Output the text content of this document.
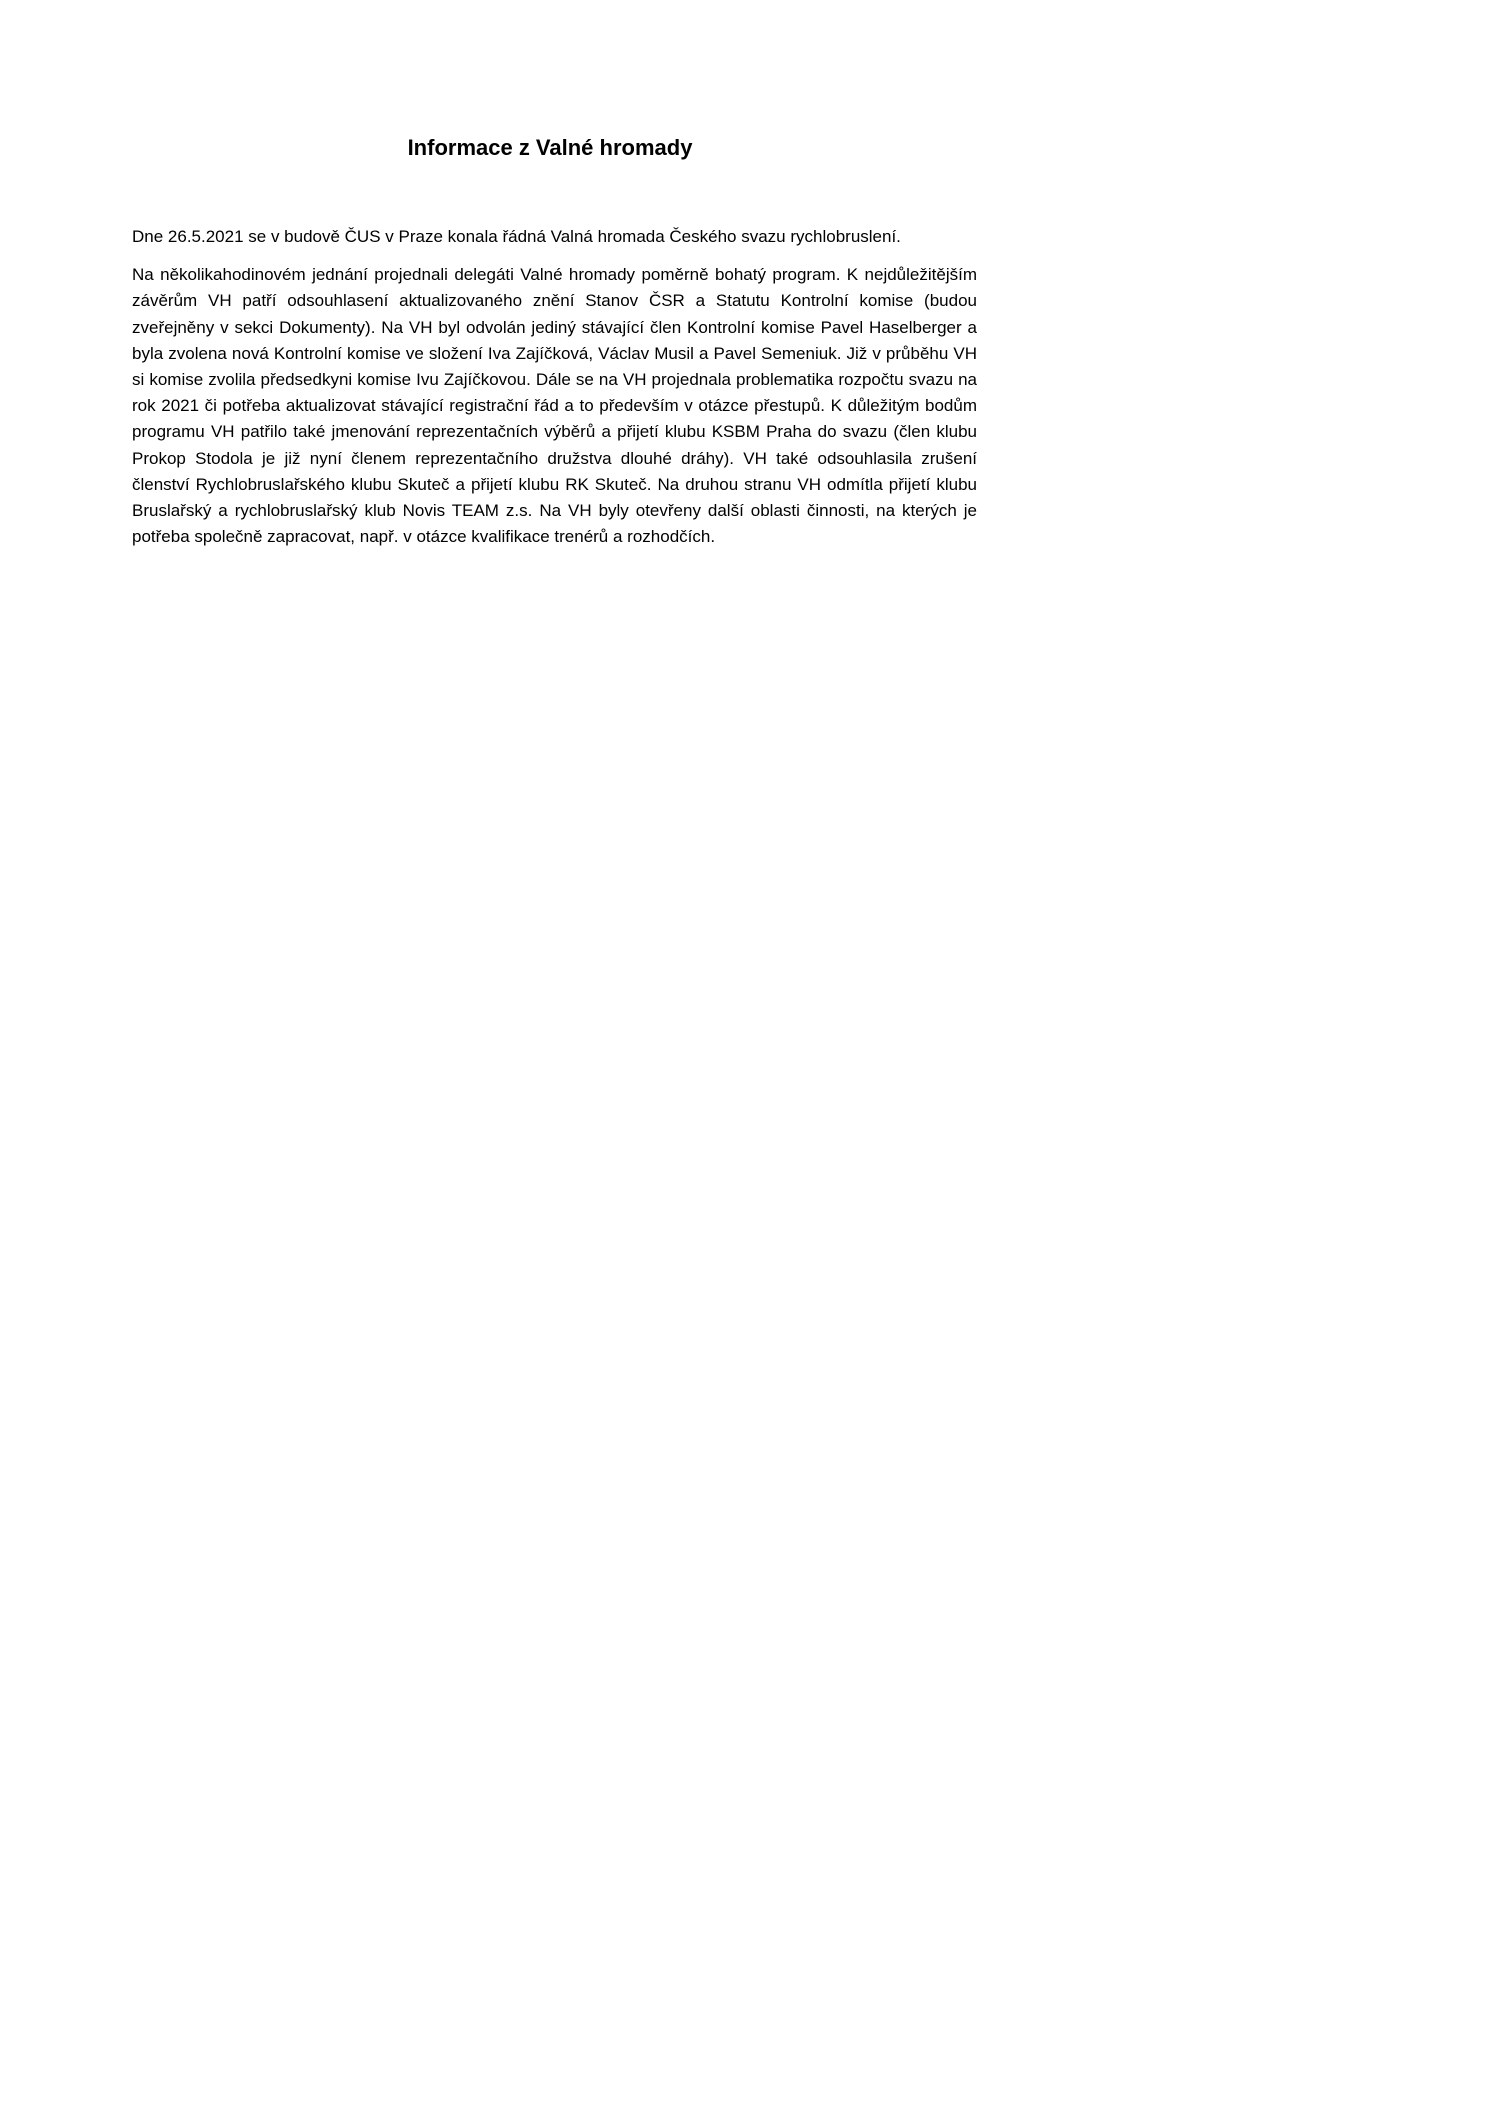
Informace z Valné hromady

Dne 26.5.2021 se v budově ČUS v Praze konala řádná Valná hromada Českého svazu rychlobruslení.

Na několikahodinovém jednání projednali delegáti Valné hromady poměrně bohatý program. K nejdůležitějším závěrům VH patří odsouhlasení aktualizovaného znění Stanov ČSR a Statutu Kontrolní komise (budou zveřejněny v sekci Dokumenty). Na VH byl odvolán jediný stávající člen Kontrolní komise Pavel Haselberger a byla zvolena nová Kontrolní komise ve složení Iva Zajíčková, Václav Musil a Pavel Semeniuk. Již v průběhu VH si komise zvolila předsedkyni komise Ivu Zajíčkovou. Dále se na VH projednala problematika rozpočtu svazu na rok 2021 či potřeba aktualizovat stávající registrační řád a to především v otázce přestupů. K důležitým bodům programu VH patřilo také jmenování reprezentačních výběrů a přijetí klubu KSBM Praha do svazu (člen klubu Prokop Stodola je již nyní členem reprezentačního družstva dlouhé dráhy). VH také odsouhlasila zrušení členství Rychlobruslařského klubu Skuteč a přijetí klubu RK Skuteč. Na druhou stranu VH odmítla přijetí klubu Bruslařský a rychlobruslařský klub Novis TEAM z.s. Na VH byly otevřeny další oblasti činnosti, na kterých je potřeba společně zapracovat, např. v otázce kvalifikace trenérů a rozhodčích.
